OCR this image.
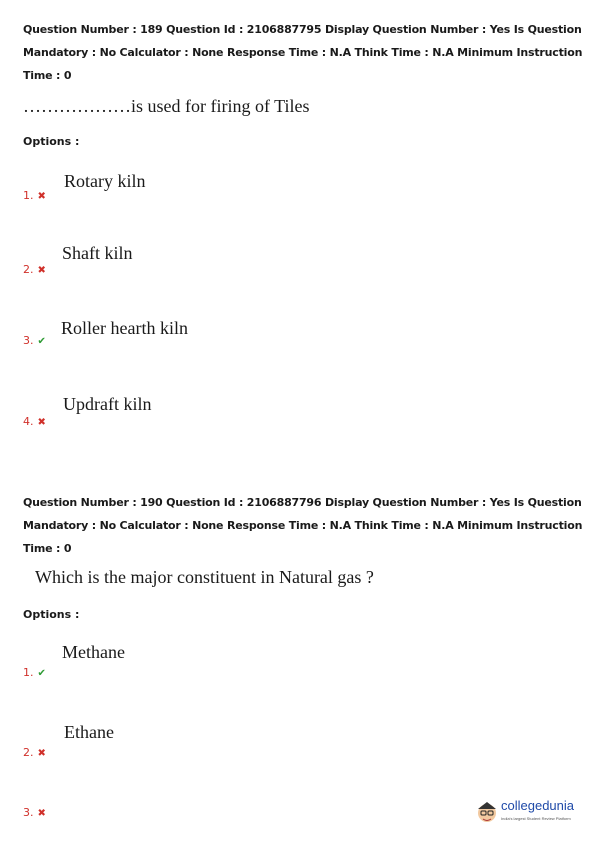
Question Number : 189 Question Id : 2106887795 Display Question Number : Yes Is Question

Mandatory : No Calculator : None Response Time : N.A Think Time : N.A Minimum Instruction

Time : 0

………………is used for firing of Tiles

Options :

Rotary kiln
1. ✖
Shaft kiln
2. ✖
Roller hearth kiln
3. ✔
Updraft kiln
4. ✖

Question Number : 190 Question Id : 2106887796 Display Question Number : Yes Is Question

Mandatory : No Calculator : None Response Time : N.A Think Time : N.A Minimum Instruction

Time : 0

Which is the major constituent in Natural gas ?

Options :

Methane
1. ✔
Ethane
2. ✖
3. ✖
collegedunia
India's largest Student Review Platform
